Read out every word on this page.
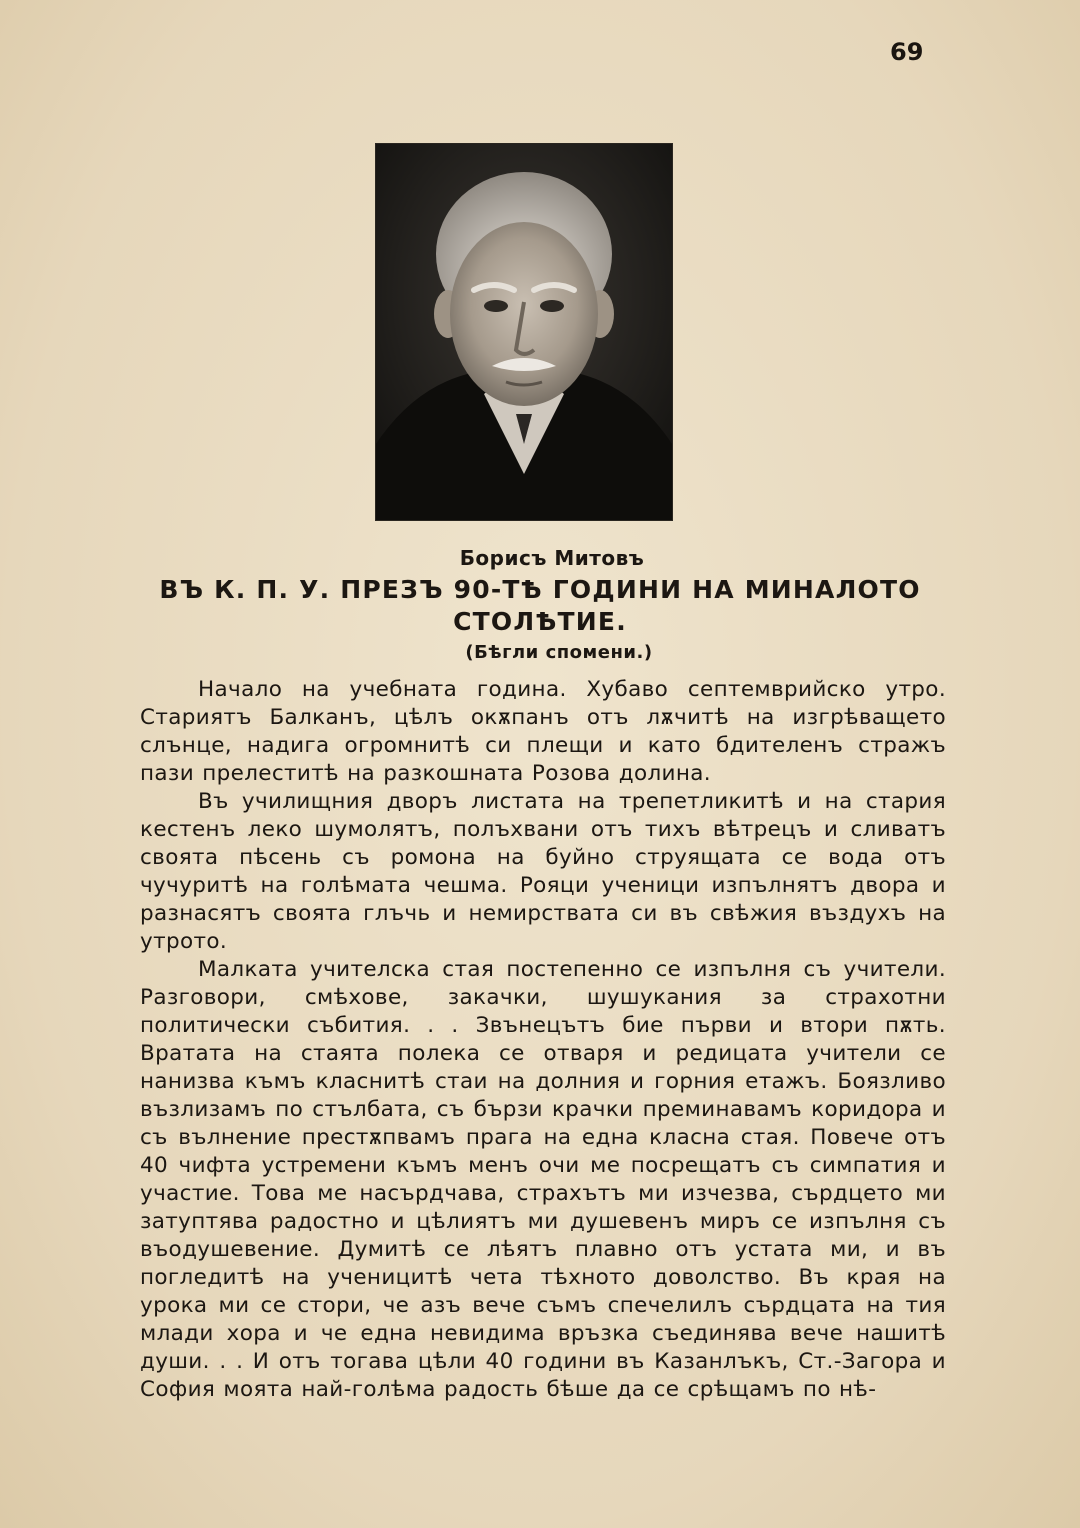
69
Борисъ Митовъ
ВЪ К. П. У. ПРЕЗЪ 90-ТѢ ГОДИНИ НА МИНАЛОТО СТОЛѢТИЕ.
(Бѣгли спомени.)

Начало на учебната година. Хубаво септемврийско утро. Стариятъ Балканъ, цѣлъ окѫпанъ отъ лѫчитѣ на изгрѣващето слънце, надига огромнитѣ си плещи и като бдителенъ стражъ пази прелеститѣ на разкошната Розова долина.

Въ училищния дворъ листата на трепетликитѣ и на стария кестенъ леко шумолятъ, полъхвани отъ тихъ вѣтрецъ и сливатъ своята пѣсень съ ромона на буйно струящата се вода отъ чучуритѣ на голѣмата чешма. Рояци ученици изпълнятъ двора и разнасятъ своята глъчь и немирствата си въ свѣжия въздухъ на утрото.

Малката учителска стая постепенно се изпълня съ учители. Разговори, смѣхове, закачки, шушукания за страхотни политически събития. . . Звънецътъ бие първи и втори пѫть. Вратата на стаята полека се отваря и редицата учители се нанизва къмъ класнитѣ стаи на долния и горния етажъ. Боязливо възлизамъ по стълбата, съ бързи крачки преминавамъ коридора и съ вълнение престѫпвамъ прага на една класна стая. Повече отъ 40 чифта устремени къмъ менъ очи ме посрещатъ съ симпатия и участие. Това ме насърдчава, страхътъ ми изчезва, сърдцето ми затуптява радостно и цѣлиятъ ми душевенъ миръ се изпълня съ въодушевение. Думитѣ се лѣятъ плавно отъ устата ми, и въ погледитѣ на ученицитѣ чета тѣхното доволство. Въ края на урока ми се стори, че азъ вече съмъ спечелилъ сърдцата на тия млади хора и че една невидима връзка съединява вече нашитѣ души. . . И отъ тогава цѣли 40 години въ Казанлъкъ, Ст.-Загора и София моята най-голѣма радость бѣше да се срѣщамъ по нѣ-
